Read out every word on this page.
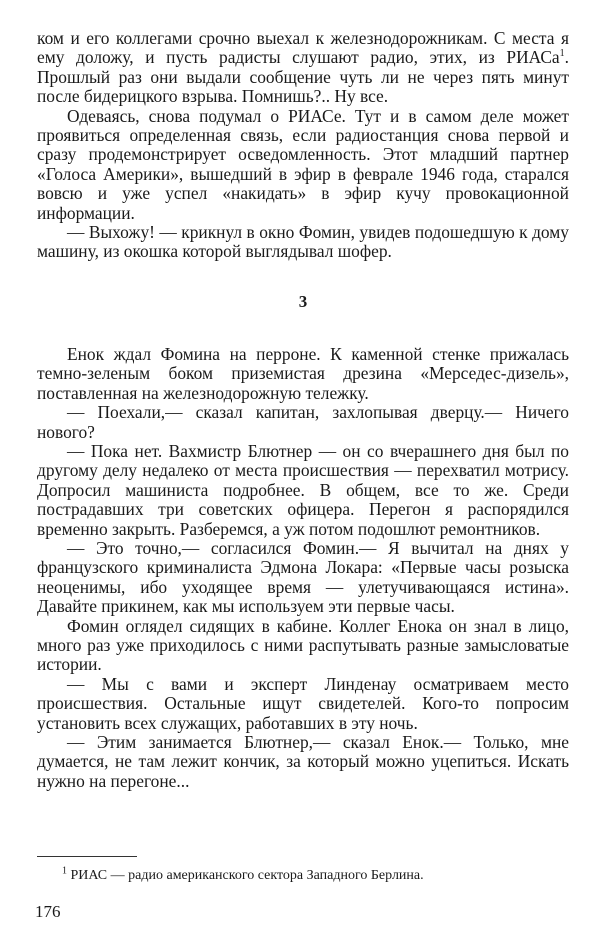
ком и его коллегами срочно выехал к железнодорожникам. С места я ему доложу, и пусть радисты слушают радио, этих, из РИАСа$^1$. Прошлый раз они выдали сообщение чуть ли не через пять минут после бидерицкого взрыва. Помнишь?.. Ну все.

Одеваясь, снова подумал о РИАСе. Тут и в самом деле может проявиться определенная связь, если радиостанция снова первой и сразу продемонстрирует осведомленность. Этот младший партнер «Голоса Америки», вышедший в эфир в феврале 1946 года, старался вовсю и уже успел «накидать» в эфир кучу провокационной информации.

— Выхожу! — крикнул в окно Фомин, увидев подошедшую к дому машину, из окошка которой выглядывал шофер.

3

Енок ждал Фомина на перроне. К каменной стенке прижалась темно-зеленым боком приземистая дрезина «Мерседес-дизель», поставленная на железнодорожную тележку.

— Поехали,— сказал капитан, захлопывая дверцу.— Ничего нового?

— Пока нет. Вахмистр Блютнер — он со вчерашнего дня был по другому делу недалеко от места происшествия — перехватил мотрису. Допросил машиниста подробнее. В общем, все то же. Среди пострадавших три советских офицера. Перегон я распорядился временно закрыть. Разберемся, а уж потом подошлют ремонтников.

— Это точно,— согласился Фомин.— Я вычитал на днях у французского криминалиста Эдмона Локара: «Первые часы розыска неоценимы, ибо уходящее время — улетучивающаяся истина». Давайте прикинем, как мы используем эти первые часы.

Фомин оглядел сидящих в кабине. Коллег Енока он знал в лицо, много раз уже приходилось с ними распутывать разные замысловатые истории.

— Мы с вами и эксперт Линденау осматриваем место происшествия. Остальные ищут свидетелей. Кого-то попросим установить всех служащих, работавших в эту ночь.

— Этим занимается Блютнер,— сказал Енок.— Только, мне думается, не там лежит кончик, за который можно уцепиться. Искать нужно на перегоне...

$^1$ РИАС — радио американского сектора Западного Берлина.
176
